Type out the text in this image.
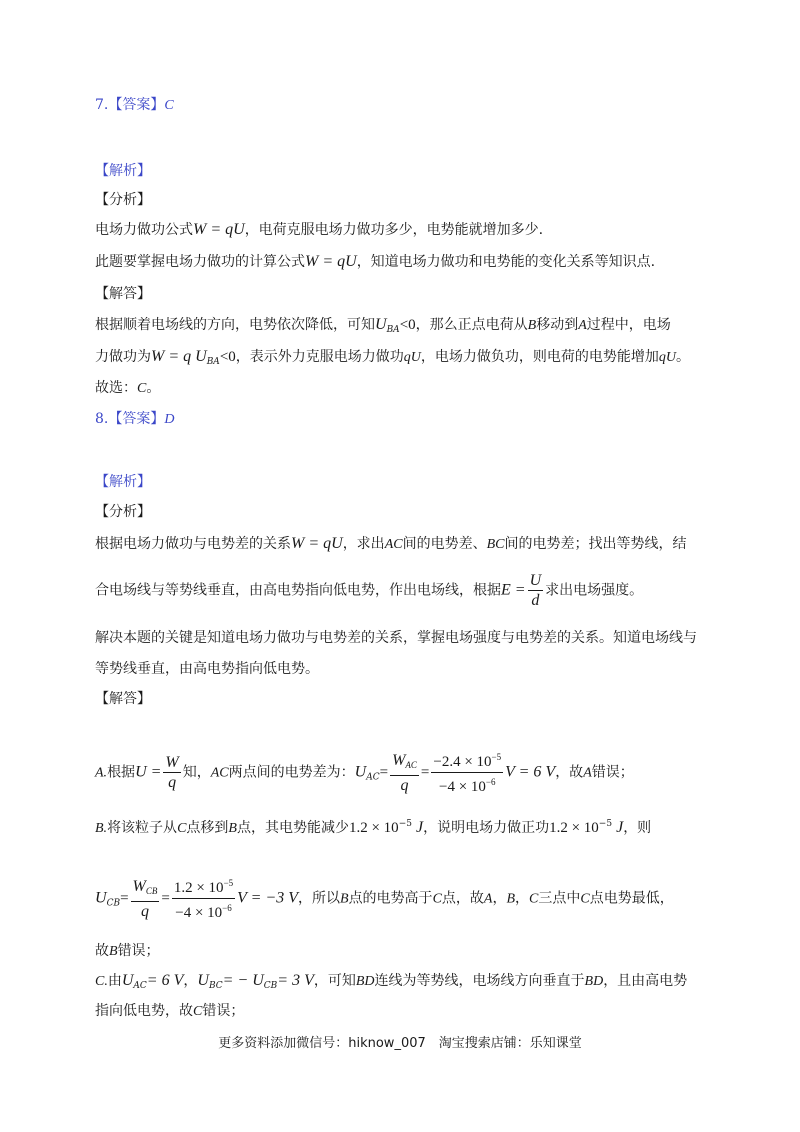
7.【答案】C
【解析】
【分析】
电场力做功公式W = qU，电荷克服电场力做功多少，电势能就增加多少.
此题要掌握电场力做功的计算公式W = qU，知道电场力做功和电势能的变化关系等知识点.
【解答】
根据顺着电场线的方向，电势依次降低，可知$U_{BA}<0$，那么正点电荷从B移动到A过程中，电场
力做功为W = q $U_{BA}<0$，表示外力克服电场力做功qU，电场力做负功，则电荷的电势能增加qU。
故选：C。
8.【答案】D
【解析】
【分析】
根据电场力做功与电势差的关系W = qU，求出AC间的电势差、BC间的电势差；找出等势线，结
合电场线与等势线垂直，由高电势指向低电势，作出电场线，根据$E = \frac{U}{d}$ 求出电场强度。
解决本题的关键是知道电场力做功与电势差的关系，掌握电场强度与电势差的关系。知道电场线与
等势线垂直，由高电势指向低电势。
【解答】
A.根据$U = \frac{W}{q}$ 知，AC两点间的电势差为：$U_{AC}= \frac{W_{AC}}{q} = \frac{-2.4 \times 10^{-5}}{-4 \times 10^{-6}}$ V = 6 V，故A错误；
B.将该粒子从C点移到B点，其电势能减少$1.2 \times 10^{-5}$ J，说明电场力做正功$1.2 \times 10^{-5}$ J，则
$U_{CB}= \frac{W_{CB}}{q} = \frac{1.2 \times 10^{-5}}{-4 \times 10^{-6}}$ V = −3 V，所以B点的电势高于C点，故A，B，C三点中C点电势最低，
故B错误；
C.由$U_{AC}= 6$ V，$U_{BC}= - U_{CB}= 3$ V，可知BD连线为等势线，电场线方向垂直于BD，且由高电势
指向低电势，故C错误；
更多资料添加微信号：hiknow_007　淘宝搜索店铺：乐知课堂
